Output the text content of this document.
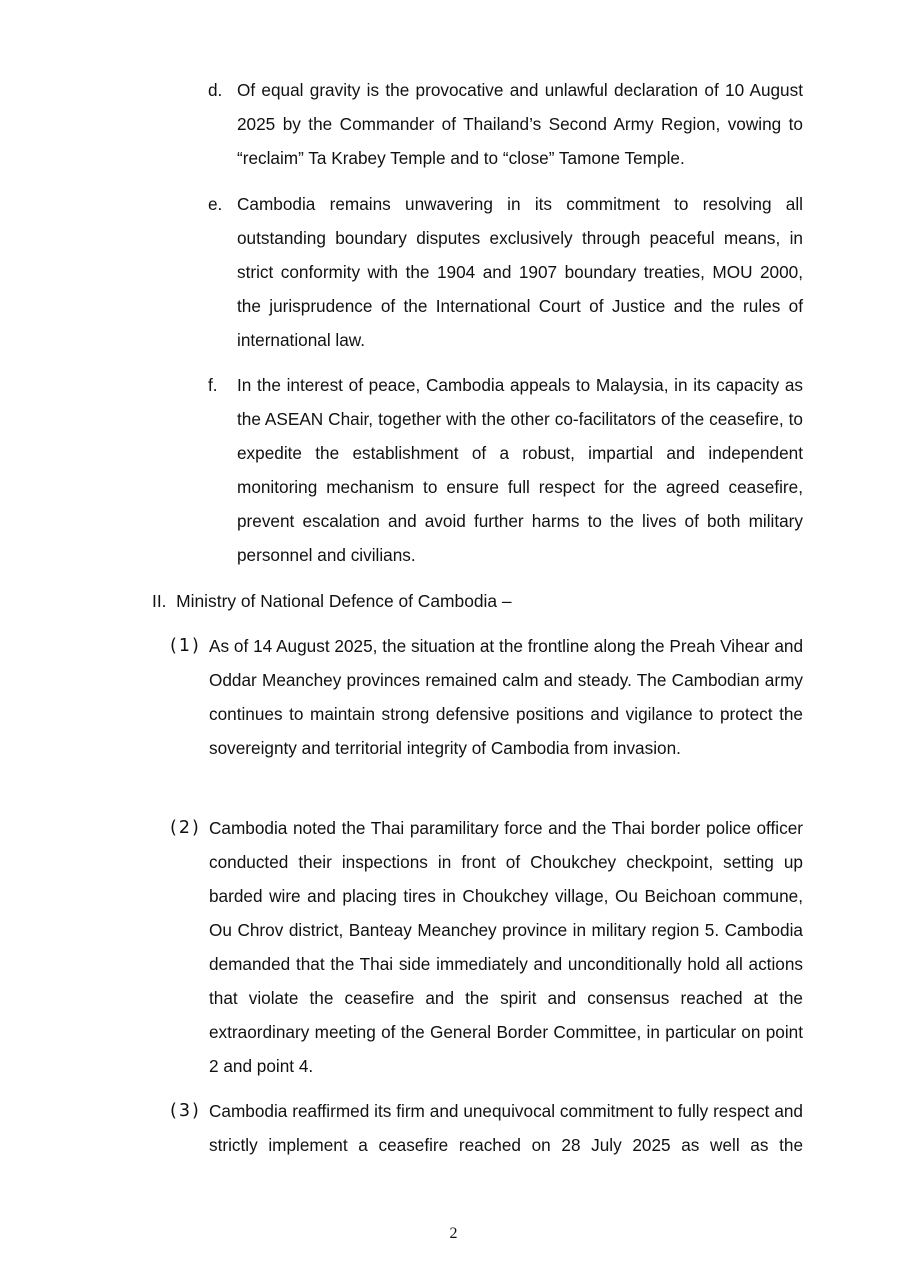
d. Of equal gravity is the provocative and unlawful declaration of 10 August 2025 by the Commander of Thailand’s Second Army Region, vowing to “reclaim” Ta Krabey Temple and to “close” Tamone Temple.
e. Cambodia remains unwavering in its commitment to resolving all outstanding boundary disputes exclusively through peaceful means, in strict conformity with the 1904 and 1907 boundary treaties, MOU 2000, the jurisprudence of the International Court of Justice and the rules of international law.
f. In the interest of peace, Cambodia appeals to Malaysia, in its capacity as the ASEAN Chair, together with the other co-facilitators of the ceasefire, to expedite the establishment of a robust, impartial and independent monitoring mechanism to ensure full respect for the agreed ceasefire, prevent escalation and avoid further harms to the lives of both military personnel and civilians.
II.  Ministry of National Defence of Cambodia –
(1) As of 14 August 2025, the situation at the frontline along the Preah Vihear and Oddar Meanchey provinces remained calm and steady. The Cambodian army continues to maintain strong defensive positions and vigilance to protect the sovereignty and territorial integrity of Cambodia from invasion.
(2) Cambodia noted the Thai paramilitary force and the Thai border police officer conducted their inspections in front of Choukchey checkpoint, setting up barded wire and placing tires in Choukchey village, Ou Beichoan commune, Ou Chrov district, Banteay Meanchey province in military region 5. Cambodia demanded that the Thai side immediately and unconditionally hold all actions that violate the ceasefire and the spirit and consensus reached at the extraordinary meeting of the General Border Committee, in particular on point 2 and point 4.
(3) Cambodia reaffirmed its firm and unequivocal commitment to fully respect and strictly implement a ceasefire reached on 28 July 2025 as well as the
2
